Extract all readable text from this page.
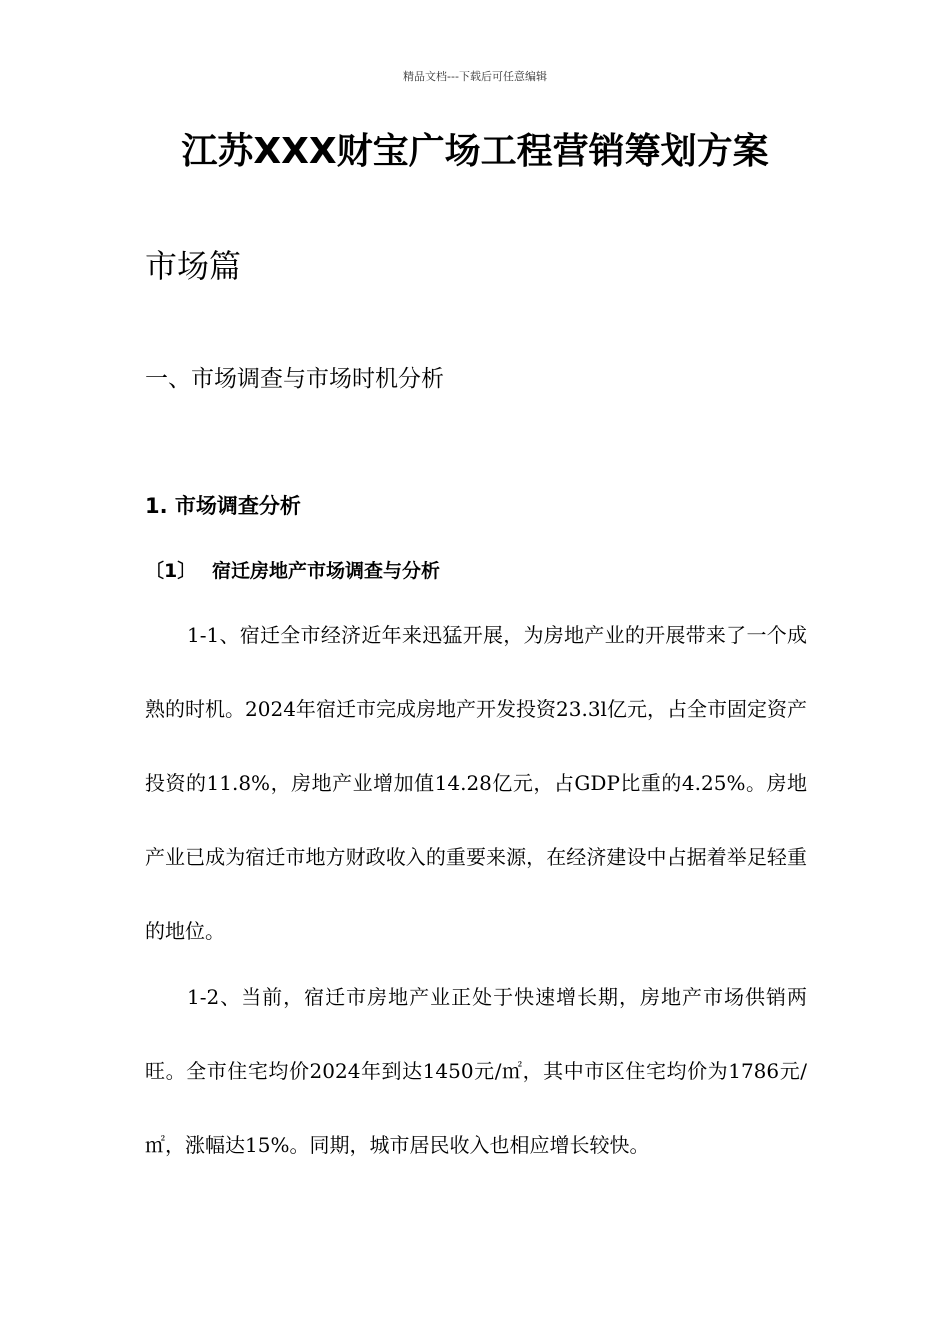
精品文档---下载后可任意编辑
江苏XXX财宝广场工程营销筹划方案
市场篇
一、市场调查与市场时机分析
1. 市场调查分析
〔1〕 宿迁房地产市场调查与分析

1-1、宿迁全市经济近年来迅猛开展，为房地产业的开展带来了一个成熟的时机。2024年宿迁市完成房地产开发投资23.3l亿元，占全市固定资产投资的11.8%，房地产业增加值14.28亿元，占GDP比重的4.25%。房地产业已成为宿迁市地方财政收入的重要来源，在经济建设中占据着举足轻重的地位。

1-2、当前，宿迁市房地产业正处于快速增长期，房地产市场供销两旺。全市住宅均价2024年到达1450元/㎡，其中市区住宅均价为1786元/㎡，涨幅达15%。同期，城市居民收入也相应增长较快。
